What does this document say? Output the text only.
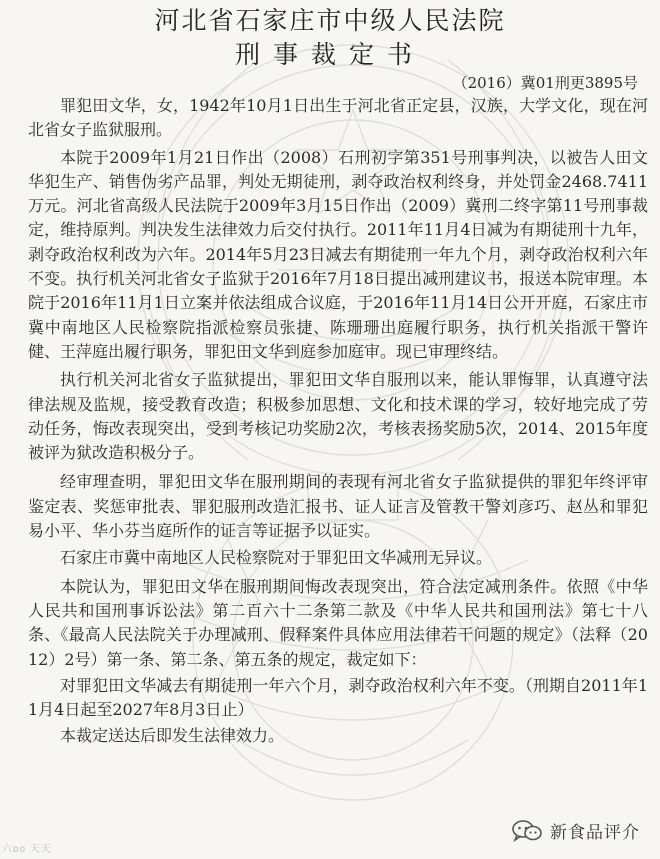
河北省石家庄市中级人民法院
刑事裁定书
（2016）冀01刑更3895号

罪犯田文华，女，1942年10月1日出生于河北省正定县，汉族，大学文化，现在河北省女子监狱服刑。

本院于2009年1月21日作出（2008）石刑初字第351号刑事判决，以被告人田文华犯生产、销售伪劣产品罪，判处无期徒刑，剥夺政治权利终身，并处罚金2468.7411万元。河北省高级人民法院于2009年3月15日作出（2009）冀刑二终字第11号刑事裁定，维持原判。判决发生法律效力后交付执行。2011年11月4日减为有期徒刑十九年，剥夺政治权利改为六年。2014年5月23日减去有期徒刑一年九个月，剥夺政治权利六年不变。执行机关河北省女子监狱于2016年7月18日提出减刑建议书，报送本院审理。本院于2016年11月1日立案并依法组成合议庭，于2016年11月14日公开开庭，石家庄市冀中南地区人民检察院指派检察员张捷、陈珊珊出庭履行职务，执行机关指派干警许健、王萍庭出履行职务，罪犯田文华到庭参加庭审。现已审理终结。

执行机关河北省女子监狱提出，罪犯田文华自服刑以来，能认罪悔罪，认真遵守法律法规及监规，接受教育改造；积极参加思想、文化和技术课的学习，较好地完成了劳动任务，悔改表现突出，受到考核记功奖励2次，考核表扬奖励5次，2014、2015年度被评为狱改造积极分子。

经审理查明，罪犯田文华在服刑期间的表现有河北省女子监狱提供的罪犯年终评审鉴定表、奖惩审批表、罪犯服刑改造汇报书、证人证言及管教干警刘彦巧、赵丛和罪犯易小平、华小芬当庭所作的证言等证据予以证实。

石家庄市冀中南地区人民检察院对于罪犯田文华减刑无异议。

本院认为，罪犯田文华在服刑期间悔改表现突出，符合法定减刑条件。依照《中华人民共和国刑事诉讼法》第二百六十二条第二款及《中华人民共和国刑法》第七十八条、《最高人民法院关于办理减刑、假释案件具体应用法律若干问题的规定》（法释（2012）2号）第一条、第二条、第五条的规定，裁定如下：

对罪犯田文华减去有期徒刑一年六个月，剥夺政治权利六年不变。（刑期自2011年11月4日起至2027年8月3日止）

本裁定送达后即发生法律效力。

六ᴅᴏ 天天
新食品评介
